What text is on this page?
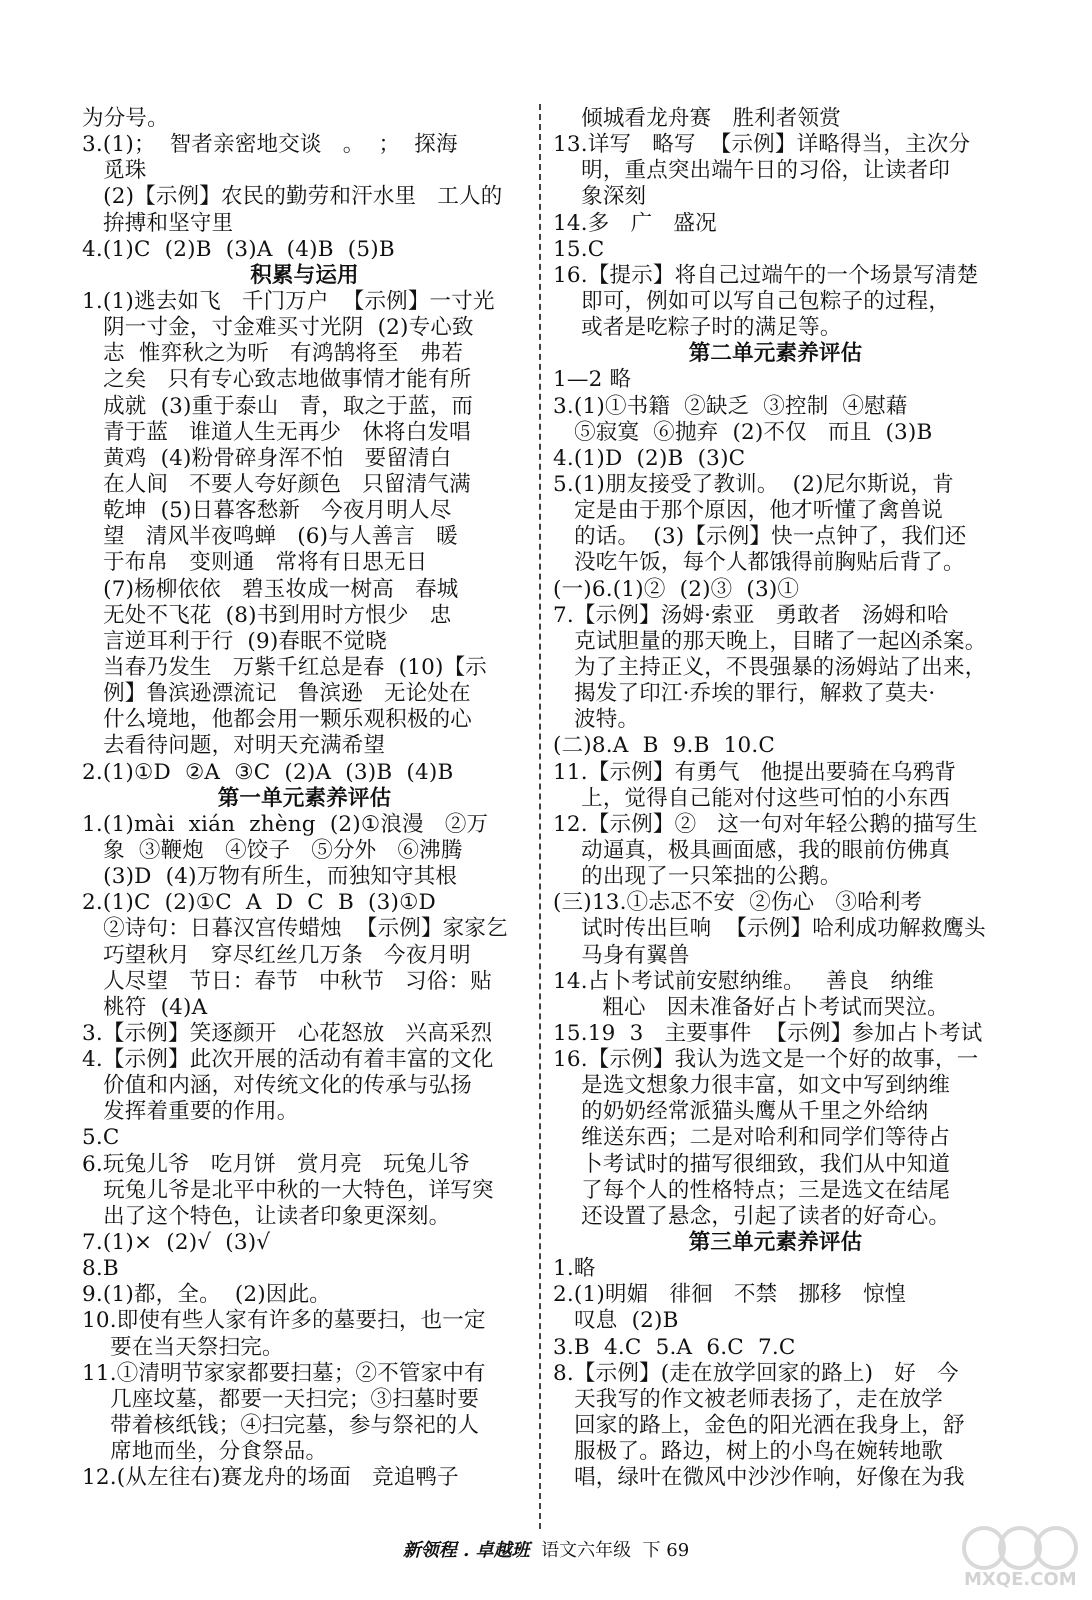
为分号。
3.(1)；  智者亲密地交谈   。  ；  探海
觅珠
(2)【示例】农民的勤劳和汗水里   工人的
拚搏和坚守里
4.(1)C  (2)B  (3)A  (4)B  (5)B
积累与运用
1.(1)逃去如飞   千门万户  【示例】一寸光
阴一寸金，寸金难买寸光阴  (2)专心致
志  惟弈秋之为听   有鸿鹄将至   弗若
之矣   只有专心致志地做事情才能有所
成就  (3)重于泰山   青，取之于蓝，而
青于蓝   谁道人生无再少   休将白发唱
黄鸡  (4)粉骨碎身浑不怕   要留清白
在人间   不要人夸好颜色   只留清气满
乾坤  (5)日暮客愁新   今夜月明人尽
望   清风半夜鸣蝉   (6)与人善言   暖
于布帛   变则通   常将有日思无日
(7)杨柳依依   碧玉妆成一树高   春城
无处不飞花  (8)书到用时方恨少   忠
言逆耳利于行  (9)春眠不觉晓
当春乃发生   万紫千红总是春  (10)【示
例】鲁滨逊漂流记   鲁滨逊   无论处在
什么境地，他都会用一颗乐观积极的心
去看待问题，对明天充满希望
2.(1)①D  ②A  ③C  (2)A  (3)B  (4)B
第一单元素养评估
1.(1)mài  xián  zhèng  (2)①浪漫   ②万
象  ③鞭炮   ④饺子   ⑤分外   ⑥沸腾
(3)D  (4)万物有所生，而独知守其根
2.(1)C  (2)①C  A  D  C  B  (3)①D
②诗句：日暮汉宫传蜡烛  【示例】家家乞
巧望秋月   穿尽红丝几万条   今夜月明
人尽望   节日：春节   中秋节   习俗：贴
桃符  (4)A
3.【示例】笑逐颜开   心花怒放   兴高采烈
4.【示例】此次开展的活动有着丰富的文化
价值和内涵，对传统文化的传承与弘扬
发挥着重要的作用。
5.C
6.玩兔儿爷   吃月饼   赏月亮   玩兔儿爷
玩兔儿爷是北平中秋的一大特色，详写突
出了这个特色，让读者印象更深刻。
7.(1)×  (2)√  (3)√
8.B
9.(1)都，全。  (2)因此。
10.即使有些人家有许多的墓要扫，也一定
要在当天祭扫完。
11.①清明节家家都要扫墓；②不管家中有
几座坟墓，都要一天扫完；③扫墓时要
带着核纸钱；④扫完墓，参与祭祀的人
席地而坐，分食祭品。
12.(从左往右)赛龙舟的场面   竞追鸭子
倾城看龙舟赛   胜利者领赏
13.详写   略写  【示例】详略得当，主次分
明，重点突出端午日的习俗，让读者印
象深刻
14.多   广   盛况
15.C
16.【提示】将自己过端午的一个场景写清楚
即可，例如可以写自己包粽子的过程，
或者是吃粽子时的满足等。
第二单元素养评估
1—2 略
3.(1)①书籍  ②缺乏  ③控制  ④慰藉
⑤寂寞  ⑥抛弃  (2)不仅   而且  (3)B
4.(1)D  (2)B  (3)C
5.(1)朋友接受了教训。  (2)尼尔斯说，肯
定是由于那个原因，他才听懂了禽兽说
的话。  (3)【示例】快一点钟了，我们还
没吃午饭，每个人都饿得前胸贴后背了。
(一)6.(1)②  (2)③  (3)①
7.【示例】汤姆·索亚   勇敢者   汤姆和哈
克试胆量的那天晚上，目睹了一起凶杀案。
为了主持正义，不畏强暴的汤姆站了出来，
揭发了印江·乔埃的罪行，解救了莫夫·
波特。
(二)8.A  B  9.B  10.C
11.【示例】有勇气   他提出要骑在乌鸦背
上，觉得自己能对付这些可怕的小东西
12.【示例】②   这一句对年轻公鹅的描写生
动逼真，极具画面感，我的眼前仿佛真
的出现了一只笨拙的公鹅。
(三)13.①忐忑不安  ②伤心   ③哈利考
试时传出巨响  【示例】哈利成功解救鹰头
马身有翼兽
14.占卜考试前安慰纳维。   善良   纳维
粗心   因未准备好占卜考试而哭泣。
15.19  3   主要事件  【示例】参加占卜考试
16.【示例】我认为选文是一个好的故事，一
是选文想象力很丰富，如文中写到纳维
的奶奶经常派猫头鹰从千里之外给纳
维送东西；二是对哈利和同学们等待占
卜考试时的描写很细致，我们从中知道
了每个人的性格特点；三是选文在结尾
还设置了悬念，引起了读者的好奇心。
第三单元素养评估
1.略
2.(1)明媚   徘徊   不禁   挪移   惊惶
叹息  (2)B
3.B  4.C  5.A  6.C  7.C
8.【示例】(走在放学回家的路上)   好   今
天我写的作文被老师表扬了，走在放学
回家的路上，金色的阳光洒在我身上，舒
服极了。路边，树上的小鸟在婉转地歌
唱，绿叶在微风中沙沙作响，好像在为我
新领程 . 卓越班 语文六年级 下 69
MXQE.COM
